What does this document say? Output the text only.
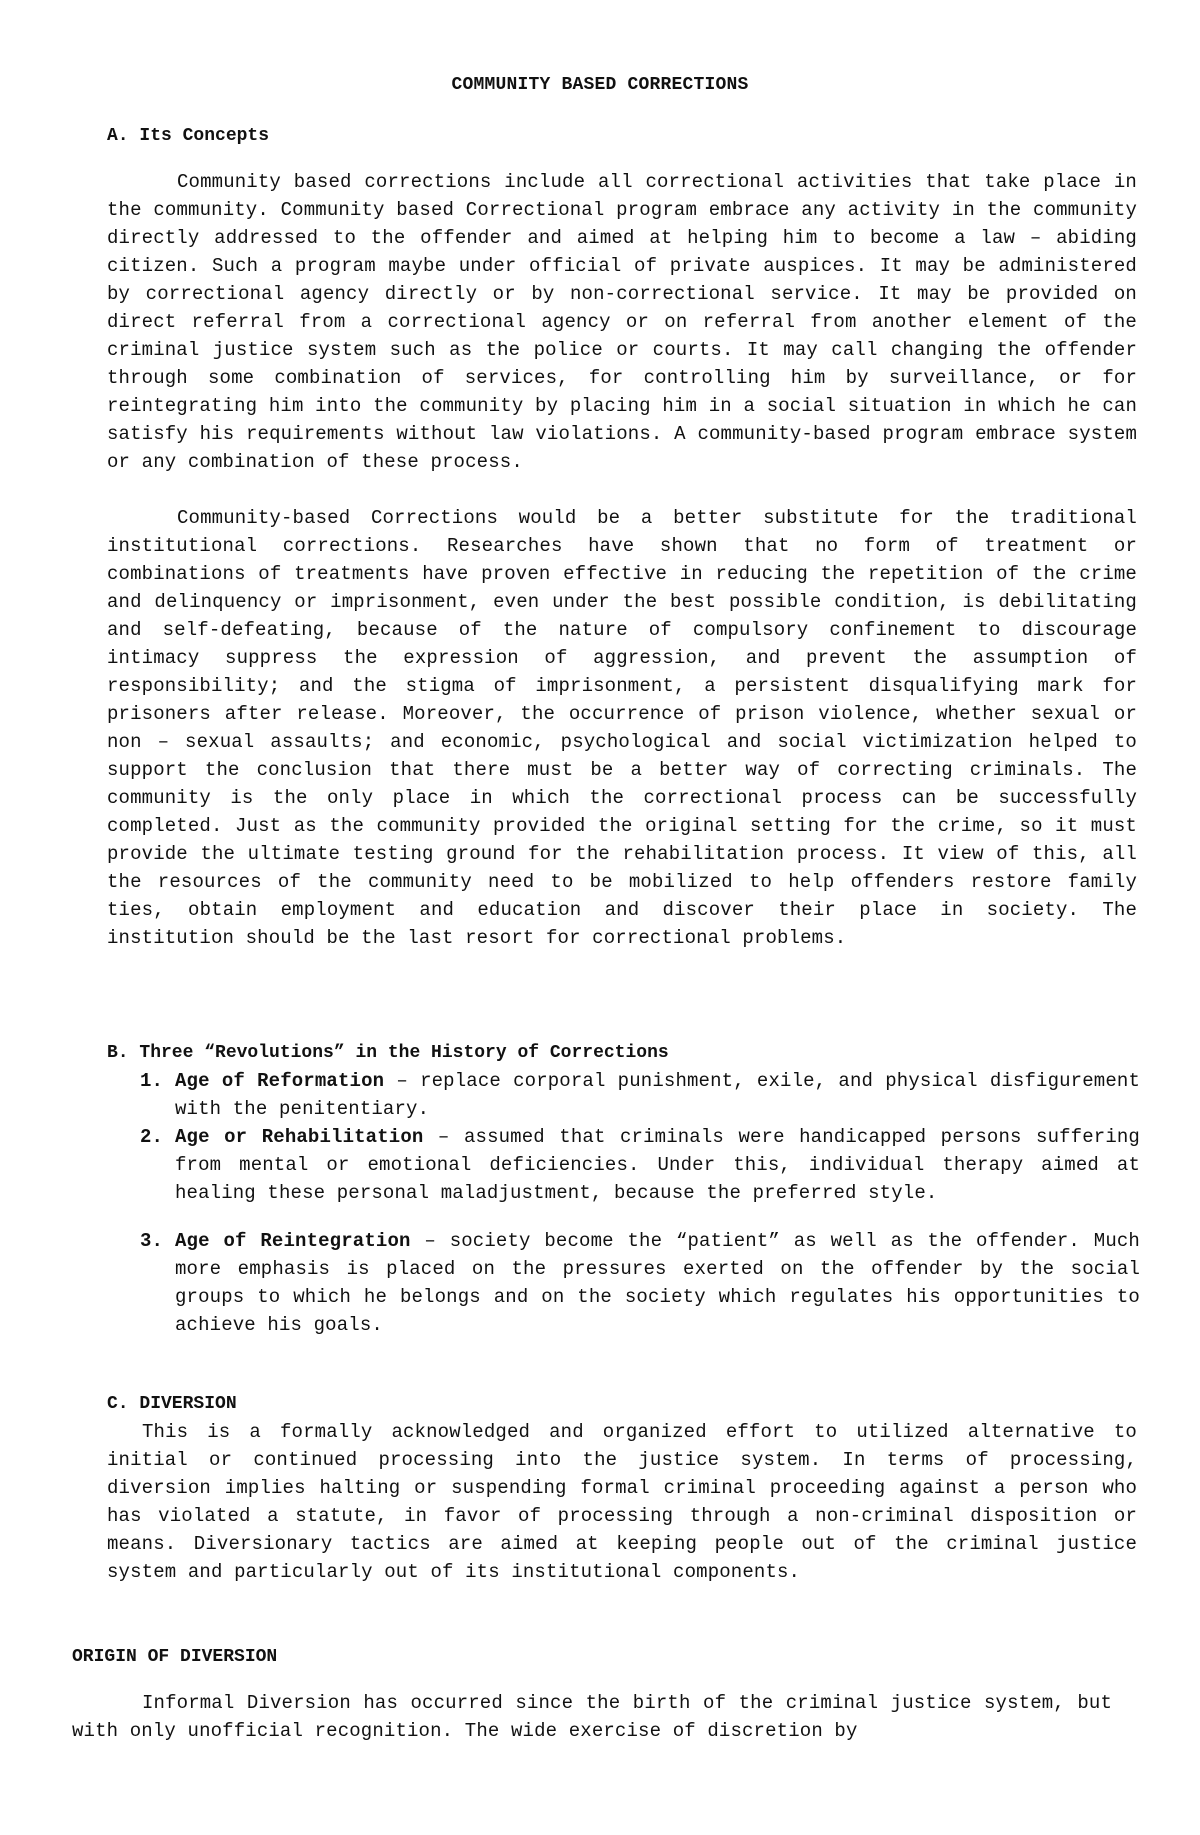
COMMUNITY BASED CORRECTIONS
A. Its Concepts

Community based corrections include all correctional activities that take place in the community. Community based Correctional program embrace any activity in the community directly addressed to the offender and aimed at helping him to become a law – abiding citizen. Such a program maybe under official of private auspices. It may be administered by correctional agency directly or by non-correctional service. It may be provided on direct referral from a correctional agency or on referral from another element of the criminal justice system such as the police or courts. It may call changing the offender through some combination of services, for controlling him by surveillance, or for reintegrating him into the community by placing him in a social situation in which he can satisfy his requirements without law violations. A community-based program embrace system or any combination of these process.

Community-based Corrections would be a better substitute for the traditional institutional corrections. Researches have shown that no form of treatment or combinations of treatments have proven effective in reducing the repetition of the crime and delinquency or imprisonment, even under the best possible condition, is debilitating and self-defeating, because of the nature of compulsory confinement to discourage intimacy suppress the expression of aggression, and prevent the assumption of responsibility; and the stigma of imprisonment, a persistent disqualifying mark for prisoners after release. Moreover, the occurrence of prison violence, whether sexual or non – sexual assaults; and economic, psychological and social victimization helped to support the conclusion that there must be a better way of correcting criminals. The community is the only place in which the correctional process can be successfully completed. Just as the community provided the original setting for the crime, so it must provide the ultimate testing ground for the rehabilitation process. It view of this, all the resources of the community need to be mobilized to help offenders restore family ties, obtain employment and education and discover their place in society. The institution should be the last resort for correctional problems.

B. Three “Revolutions” in the History of Corrections
1. Age of Reformation – replace corporal punishment, exile, and physical disfigurement with the penitentiary.
2. Age or Rehabilitation – assumed that criminals were handicapped persons suffering from mental or emotional deficiencies. Under this, individual therapy aimed at healing these personal maladjustment, because the preferred style.
3. Age of Reintegration – society become the “patient” as well as the offender. Much more emphasis is placed on the pressures exerted on the offender by the social groups to which he belongs and on the society which regulates his opportunities to achieve his goals.
C. DIVERSION

This is a formally acknowledged and organized effort to utilized alternative to initial or continued processing into the justice system. In terms of processing, diversion implies halting or suspending formal criminal proceeding against a person who has violated a statute, in favor of processing through a non-criminal disposition or means. Diversionary tactics are aimed at keeping people out of the criminal justice system and particularly out of its institutional components.

ORIGIN OF DIVERSION

Informal Diversion has occurred since the birth of the criminal justice system, but with only unofficial recognition. The wide exercise of discretion by
